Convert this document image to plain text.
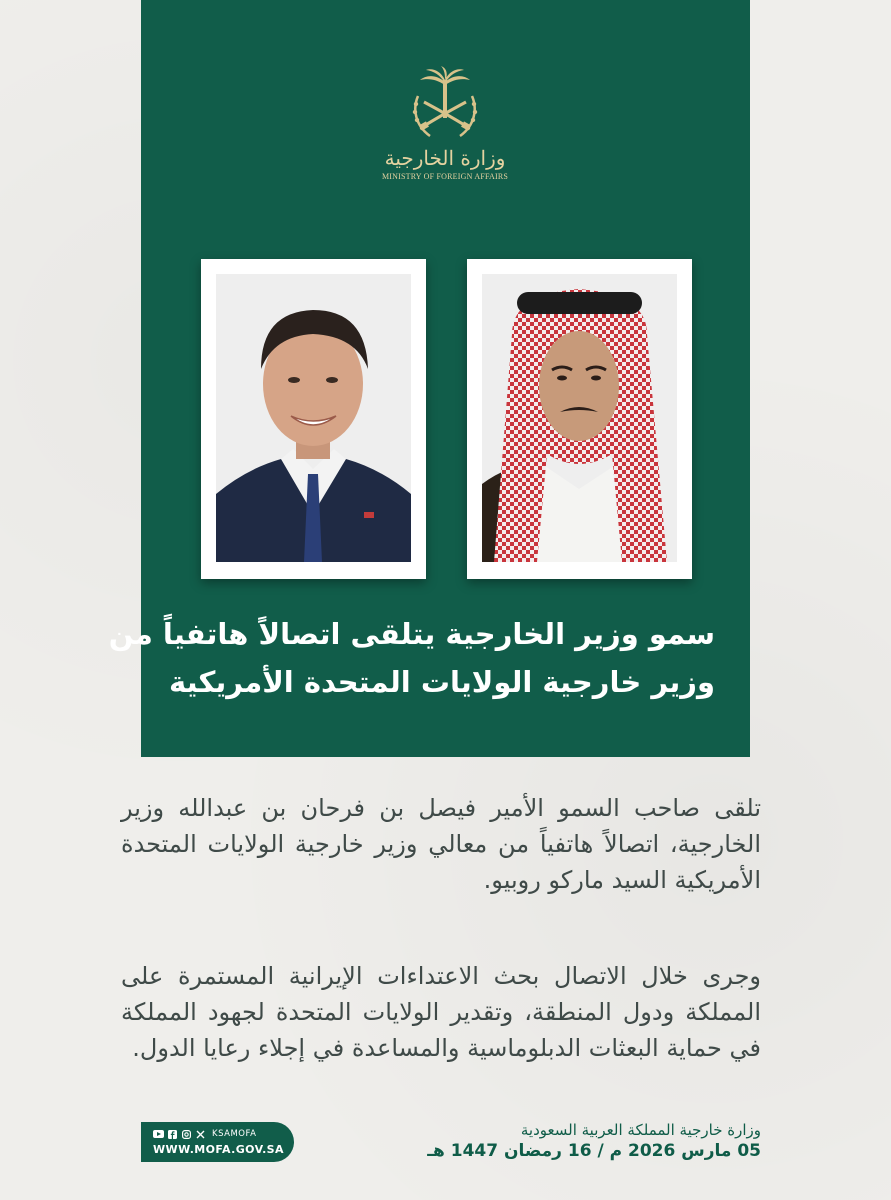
وزارة الخارجية
MINISTRY OF FOREIGN AFFAIRS
سمو وزير الخارجية يتلقى اتصالاً هاتفياً من
وزير خارجية الولايات المتحدة الأمريكية
تلقى صاحب السمو الأمير فيصل بن فرحان بن عبدالله وزير الخارجية، اتصالاً هاتفياً من معالي وزير خارجية الولايات المتحدة الأمريكية السيد ماركو روبيو.
وجرى خلال الاتصال بحث الاعتداءات الإيرانية المستمرة على المملكة ودول المنطقة، وتقدير الولايات المتحدة لجهود المملكة في حماية البعثات الدبلوماسية والمساعدة في إجلاء رعايا الدول.
وزارة خارجية المملكة العربية السعودية
05 مارس 2026 م / 16 رمضان 1447 هـ
KSAMOFA
WWW.MOFA.GOV.SA
